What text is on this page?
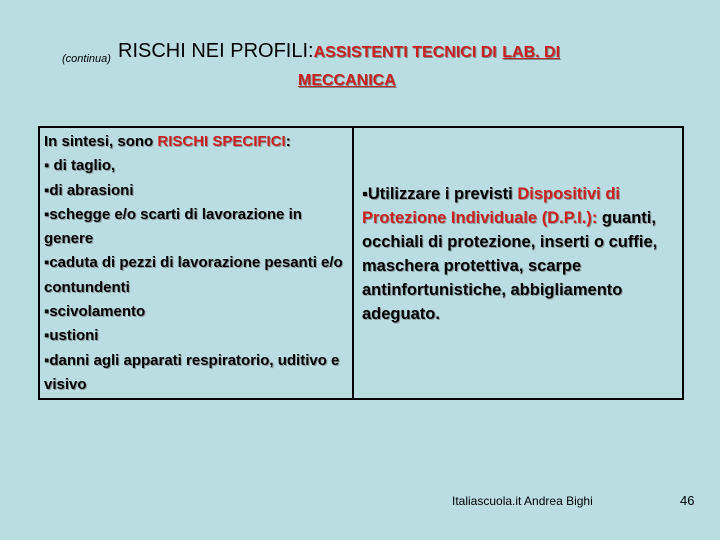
(continua) RISCHI NEI PROFILI:ASSISTENTI TECNICI DI LAB. DI
MECCANICA
In sintesi, sono RISCHI SPECIFICI:
▪ di taglio,
▪di abrasioni
▪schegge e/o scarti di lavorazione in genere
▪caduta di pezzi di lavorazione pesanti e/o contundenti
▪scivolamento
▪ustioni
▪danni agli apparati respiratorio, uditivo e visivo
▪Utilizzare i previsti Dispositivi di Protezione Individuale (D.P.I.): guanti, occhiali di protezione, inserti o cuffie, maschera protettiva, scarpe antinfortunistiche, abbigliamento adeguato.
Italiascuola.it Andrea Bighi	46
